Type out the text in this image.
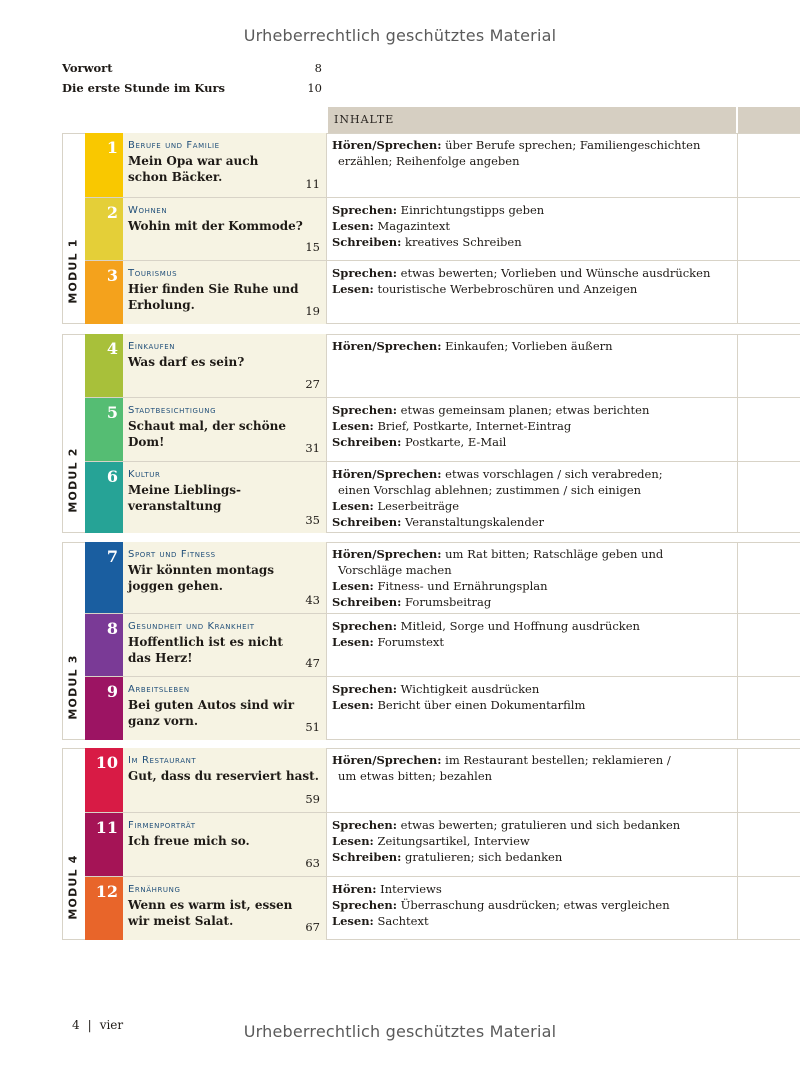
Urheberrechtlich geschütztes Material
Vorwort	8
Die erste Stunde im Kurs	10
INHALTE
MODUL 1
1	Berufe und Familie
Mein Opa war auch
schon Bäcker.	11
Hören/Sprechen: über Berufe sprechen; Familiengeschichten
erzählen; Reihenfolge angeben
2	Wohnen
Wohin mit der Kommode?
15
Sprechen: Einrichtungstipps geben
Lesen: Magazintext
Schreiben: kreatives Schreiben
3	Tourismus
Hier finden Sie Ruhe und
Erholung.	19
Sprechen: etwas bewerten; Vorlieben und Wünsche ausdrücken
Lesen: touristische Werbebroschüren und Anzeigen
MODUL 2
4	Einkaufen
Was darf es sein?
27
Hören/Sprechen: Einkaufen; Vorlieben äußern
5	Stadtbesichtigung
Schaut mal, der schöne Dom!	31
Sprechen: etwas gemeinsam planen; etwas berichten
Lesen: Brief, Postkarte, Internet-Eintrag
Schreiben: Postkarte, E-Mail
6	Kultur
Meine Lieblings-
veranstaltung
35
Hören/Sprechen: etwas vorschlagen / sich verabreden;
einen Vorschlag ablehnen; zustimmen / sich einigen
Lesen: Leserbeiträge
Schreiben: Veranstaltungskalender
MODUL 3
7	Sport und Fitness
Wir könnten montags
joggen gehen.
43
Hören/Sprechen: um Rat bitten; Ratschläge geben und
Vorschläge machen
Lesen: Fitness- und Ernährungsplan
Schreiben: Forumsbeitrag
8	Gesundheit und Krankheit
Hoffentlich ist es nicht
das Herz!	47
Sprechen: Mitleid, Sorge und Hoffnung ausdrücken
Lesen: Forumstext
9	Arbeitsleben
Bei guten Autos sind wir
ganz vorn.	51
Sprechen: Wichtigkeit ausdrücken
Lesen: Bericht über einen Dokumentarfilm
MODUL 4
10	Im Restaurant
Gut, dass du reserviert hast.
59
Hören/Sprechen: im Restaurant bestellen; reklamieren /
um etwas bitten; bezahlen
11	Firmenporträt
Ich freue mich so.
63
Sprechen: etwas bewerten; gratulieren und sich bedanken
Lesen: Zeitungsartikel, Interview
Schreiben: gratulieren; sich bedanken
12	Ernährung
Wenn es warm ist, essen
wir meist Salat.	67
Hören: Interviews
Sprechen: Überraschung ausdrücken; etwas vergleichen
Lesen: Sachtext
4 | vier	Urheberrechtlich geschütztes Material
